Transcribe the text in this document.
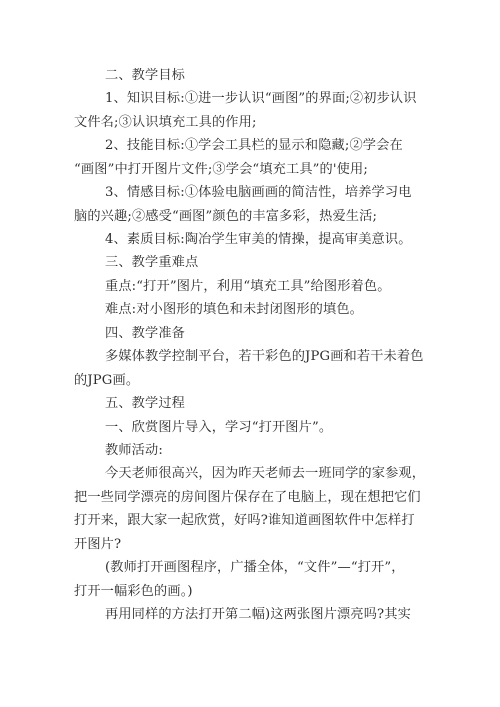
二、教学目标
1、知识目标:①进一步认识“画图”的界面;②初步认识
文件名;③认识填充工具的作用;
2、技能目标:①学会工具栏的显示和隐藏;②学会在
“画图”中打开图片文件;③学会“填充工具”的'使用;
3、情感目标:①体验电脑画画的简洁性，培养学习电
脑的兴趣;②感受“画图”颜色的丰富多彩，热爱生活;
4、素质目标:陶冶学生审美的情操，提高审美意识。
三、教学重难点
重点:“打开”图片，利用“填充工具”给图形着色。
难点:对小图形的填色和未封闭图形的填色。
四、教学准备
多媒体教学控制平台，若干彩色的JPG画和若干未着色
的JPG画。
五、教学过程
一、欣赏图片导入，学习“打开图片”。
教师活动:
今天老师很高兴，因为昨天老师去一班同学的家参观，
把一些同学漂亮的房间图片保存在了电脑上，现在想把它们
打开来，跟大家一起欣赏，好吗?谁知道画图软件中怎样打
开图片?
(教师打开画图程序，广播全体，“文件”—“打开”，
打开一幅彩色的画。)
再用同样的方法打开第二幅)这两张图片漂亮吗?其实
